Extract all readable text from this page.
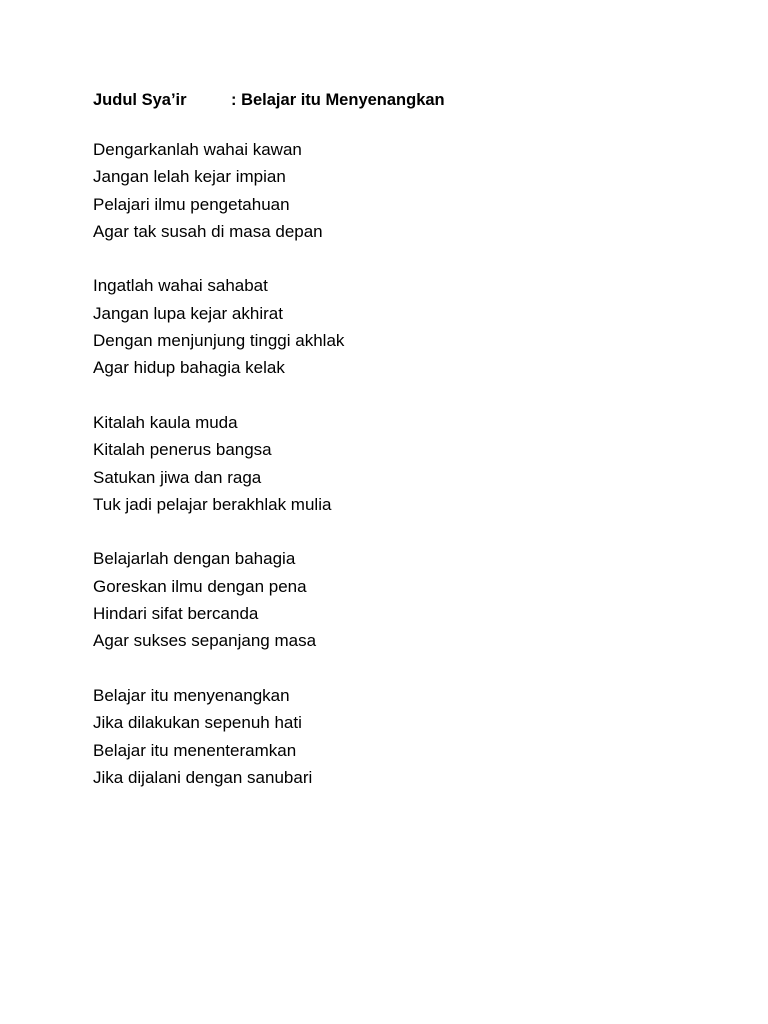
Judul Sya’ir	: Belajar itu Menyenangkan
Dengarkanlah wahai kawan
Jangan lelah kejar impian
Pelajari ilmu pengetahuan
Agar tak susah di masa depan
Ingatlah wahai sahabat
Jangan lupa kejar akhirat
Dengan menjunjung tinggi akhlak
Agar hidup bahagia kelak
Kitalah kaula muda
Kitalah penerus bangsa
Satukan jiwa dan raga
Tuk jadi pelajar berakhlak mulia
Belajarlah dengan bahagia
Goreskan ilmu dengan pena
Hindari sifat bercanda
Agar sukses sepanjang masa
Belajar itu menyenangkan
Jika dilakukan sepenuh hati
Belajar itu menenteramkan
Jika dijalani dengan sanubari
